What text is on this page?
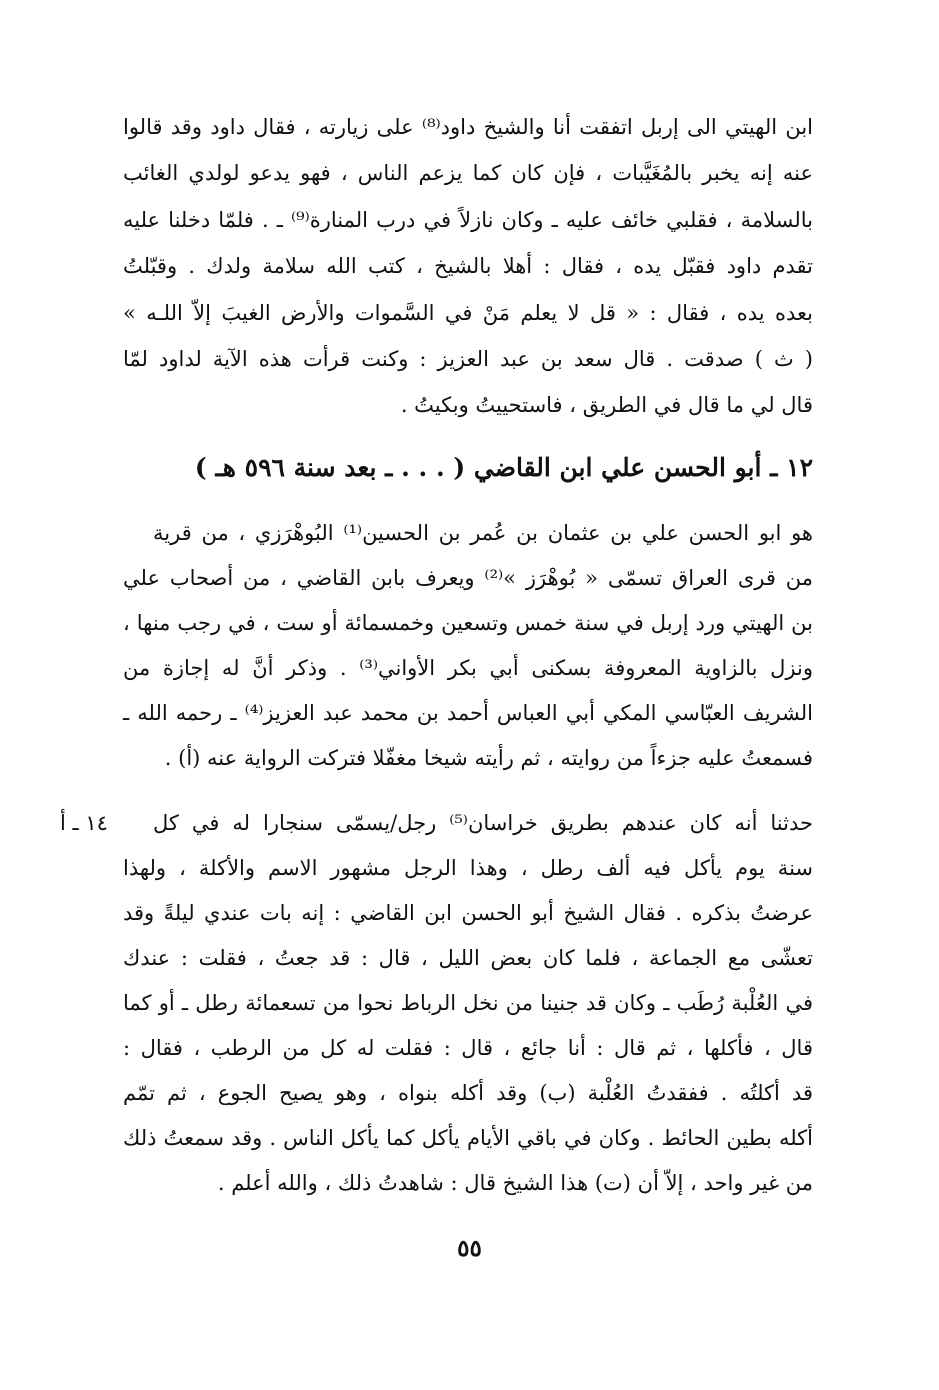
ابن الهيتي الى إربل اتفقت أنا والشيخ داود⁽⁸⁾ على زيارته ، فقال داود وقد قالوا
عنه إنه يخبر بالمُغَيَّبات ، فإن كان كما يزعم الناس ، فهو يدعو لولدي الغائب
بالسلامة ، فقلبي خائف عليه ـ وكان نازلاً في درب المنارة⁽⁹⁾ ـ . فلمّا دخلنا عليه
تقدم داود فقبّل يده ، فقال : أهلا بالشيخ ، كتب الله سلامة ولدك . وقبّلتُ
بعده يده ، فقال : « قل لا يعلم مَنْ في السَّموات والأرض الغيبَ إلاّ اللـه »
( ث ) صدقت . قال سعد بن عبد العزيز : وكنت قرأت هذه الآية لداود لمّا
قال لي ما قال في الطريق ، فاستحييتُ وبكيتُ .
١٢ ـ أبو الحسن علي ابن القاضي ( . . . ـ بعد سنة ٥٩٦ هـ )
هو ابو الحسن علي بن عثمان بن عُمر بن الحسين⁽¹⁾ البُوهْرَزي ، من قرية
من قرى العراق تسمّى « بُوهْرَز »⁽²⁾ ويعرف بابن القاضي ، من أصحاب علي
بن الهيتي ورد إربل في سنة خمس وتسعين وخمسمائة أو ست ، في رجب منها ،
ونزل بالزاوية المعروفة بسكنى أبي بكر الأواني⁽³⁾ . وذكر أنَّ له إجازة من
الشريف العبّاسي المكي أبي العباس أحمد بن محمد عبد العزيز⁽⁴⁾ ـ رحمه الله ـ
فسمعتُ عليه جزءاً من روايته ، ثم رأيته شيخا مغفّلا فتركت الرواية عنه (أ) .
١٤ ـ أ حدثنا أنه كان عندهم بطريق خراسان⁽⁵⁾ رجل/يسمّى سنجارا له في كل
سنة يوم يأكل فيه ألف رطل ، وهذا الرجل مشهور الاسم والأكلة ، ولهذا
عرضتُ بذكره . فقال الشيخ أبو الحسن ابن القاضي : إنه بات عندي ليلةً وقد
تعشّى مع الجماعة ، فلما كان بعض الليل ، قال : قد جعتُ ، فقلت : عندك
في العُلْبة رُطَب ـ وكان قد جنينا من نخل الرباط نحوا من تسعمائة رطل ـ أو كما
قال ، فأكلها ، ثم قال : أنا جائع ، قال : فقلت له كل من الرطب ، فقال :
قد أكلتُه . ففقدتُ العُلْبة (ب) وقد أكله بنواه ، وهو يصيح الجوع ، ثم تمّم
أكله بطين الحائط . وكان في باقي الأيام يأكل كما يأكل الناس . وقد سمعتُ ذلك
من غير واحد ، إلاّ أن (ت) هذا الشيخ قال : شاهدتُ ذلك ، والله أعلم .
٥٥
